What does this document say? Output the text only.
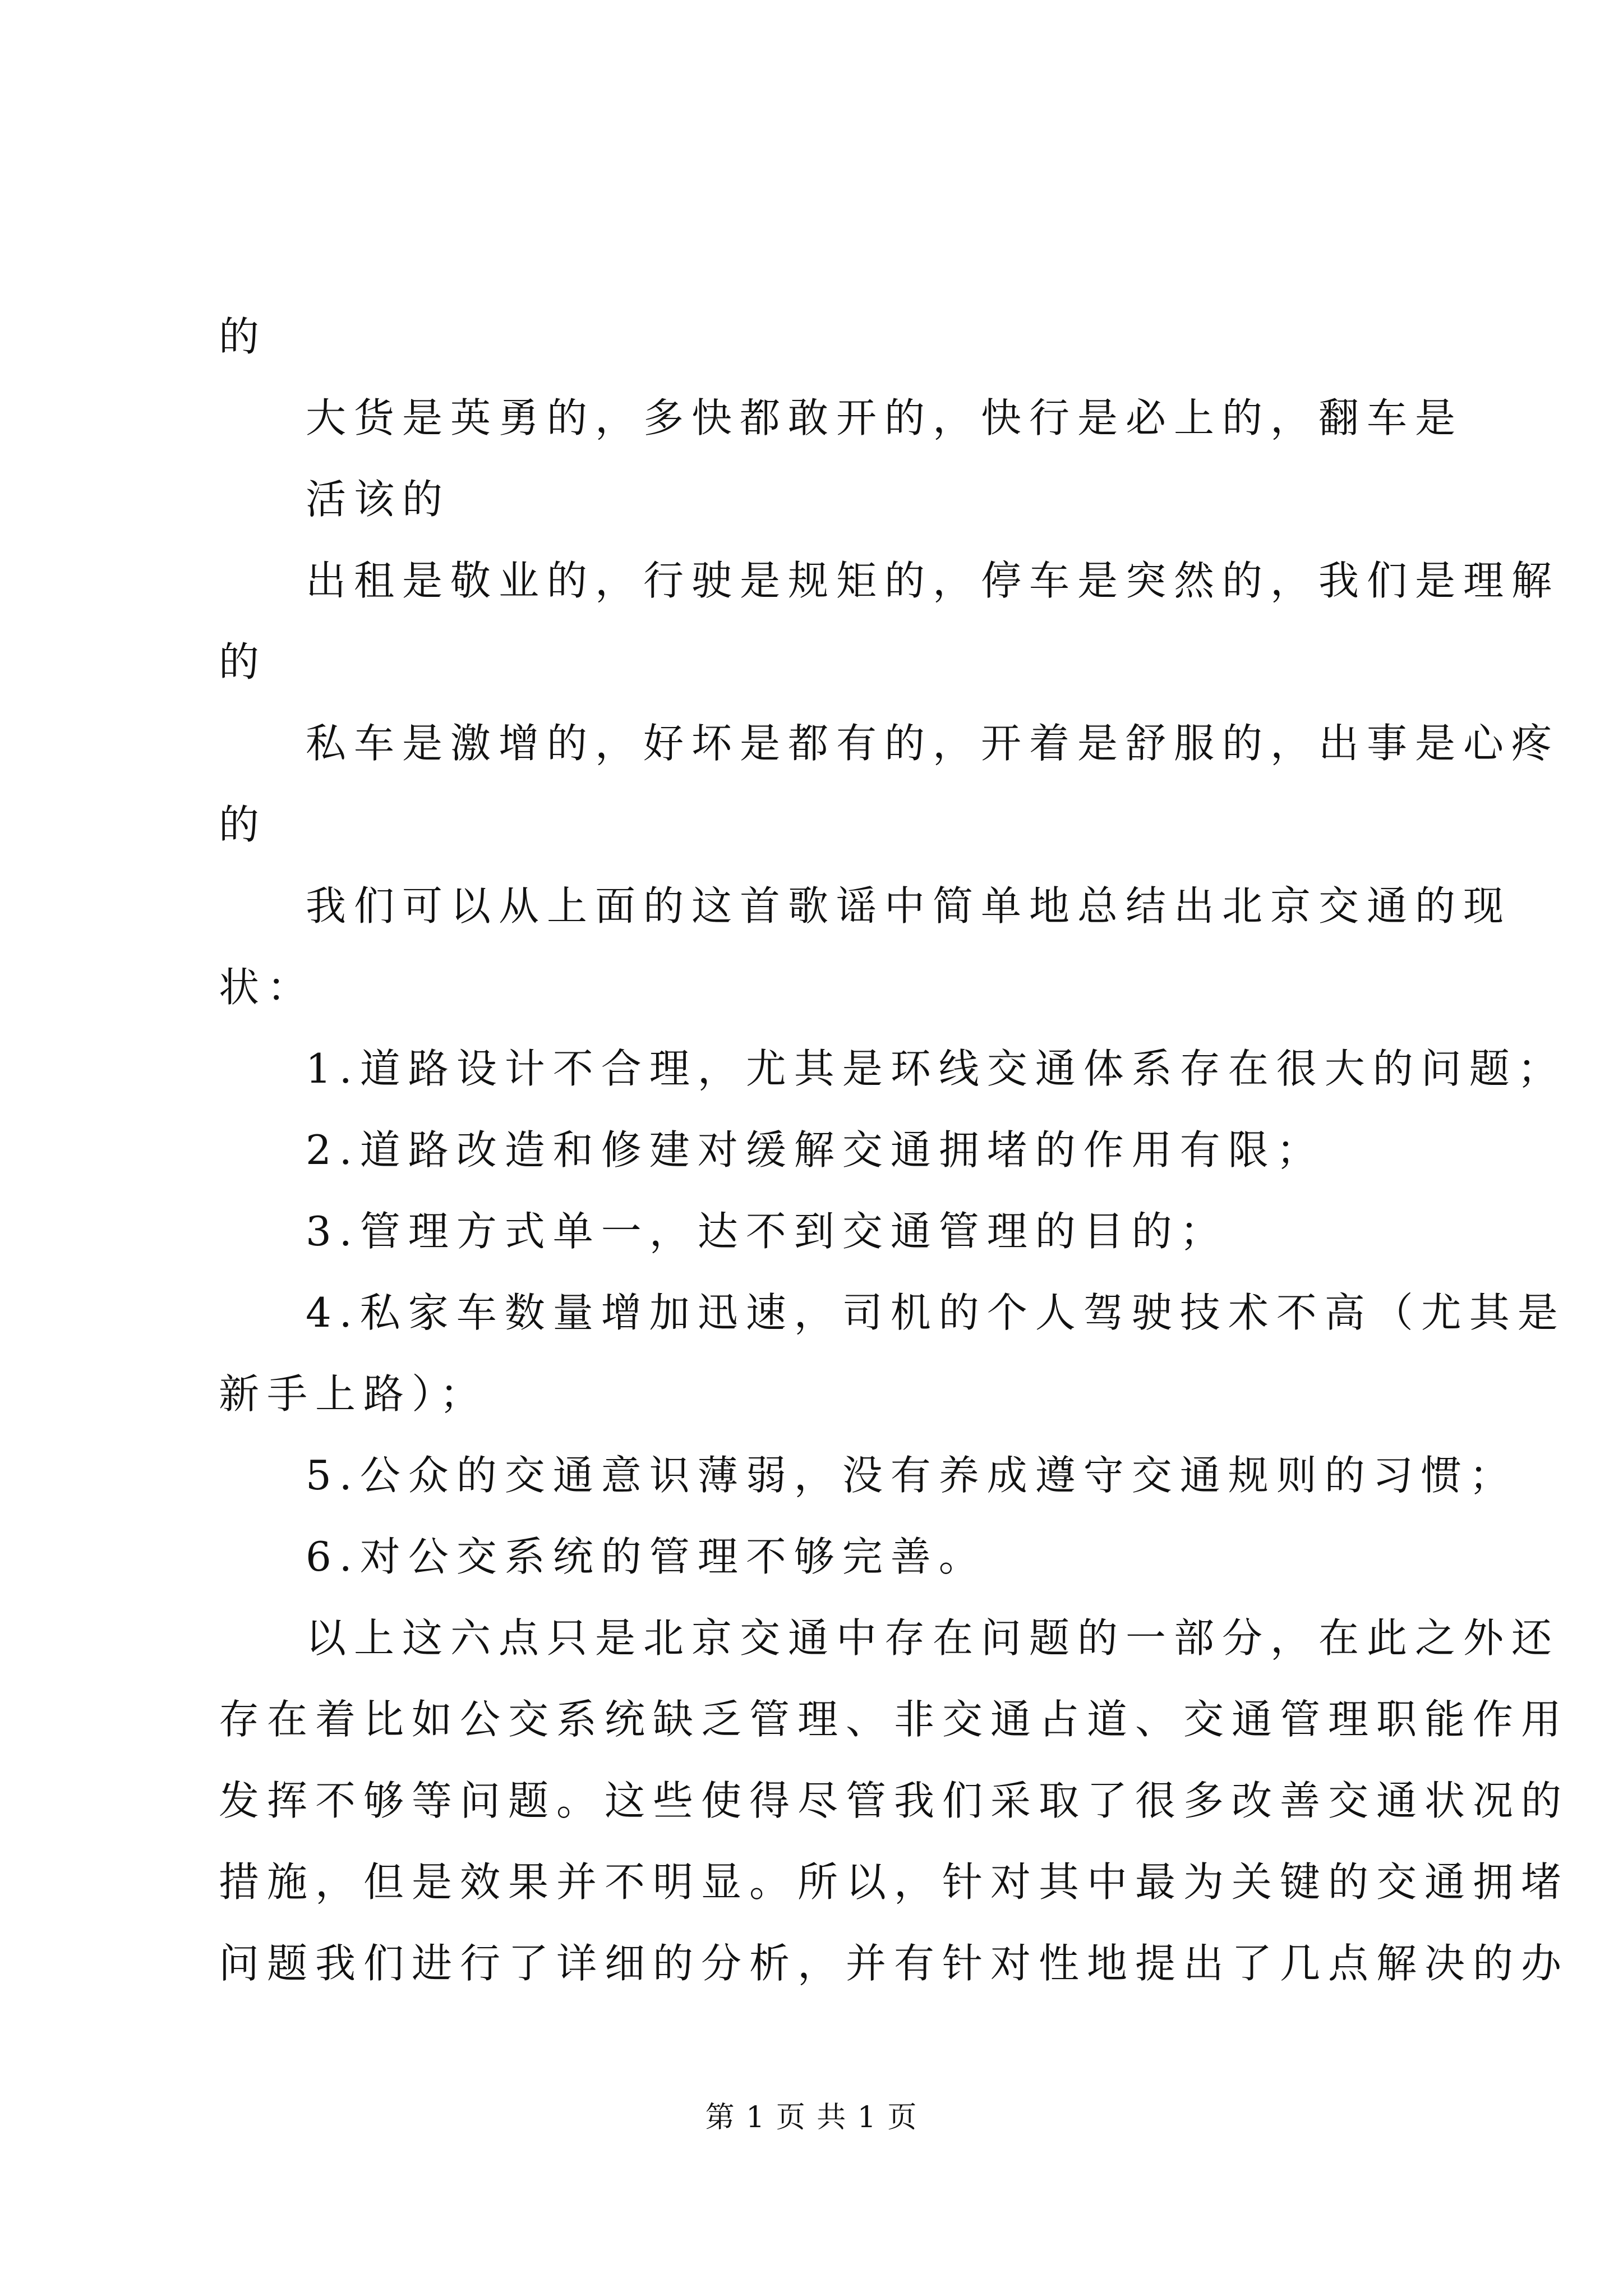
的
大货是英勇的，多快都敢开的，快行是必上的，翻车是
活该的
出租是敬业的，行驶是规矩的，停车是突然的，我们是理解
的
私车是激增的，好坏是都有的，开着是舒服的，出事是心疼
的
我们可以从上面的这首歌谣中简单地总结出北京交通的现
状：
1.道路设计不合理，尤其是环线交通体系存在很大的问题；
2.道路改造和修建对缓解交通拥堵的作用有限；
3.管理方式单一，达不到交通管理的目的；
4.私家车数量增加迅速，司机的个人驾驶技术不高（尤其是
新手上路）；
5.公众的交通意识薄弱，没有养成遵守交通规则的习惯；
6.对公交系统的管理不够完善。
以上这六点只是北京交通中存在问题的一部分，在此之外还
存在着比如公交系统缺乏管理、非交通占道、交通管理职能作用
发挥不够等问题。这些使得尽管我们采取了很多改善交通状况的
措施，但是效果并不明显。所以，针对其中最为关键的交通拥堵
问题我们进行了详细的分析，并有针对性地提出了几点解决的办
第 1 页 共 1 页
